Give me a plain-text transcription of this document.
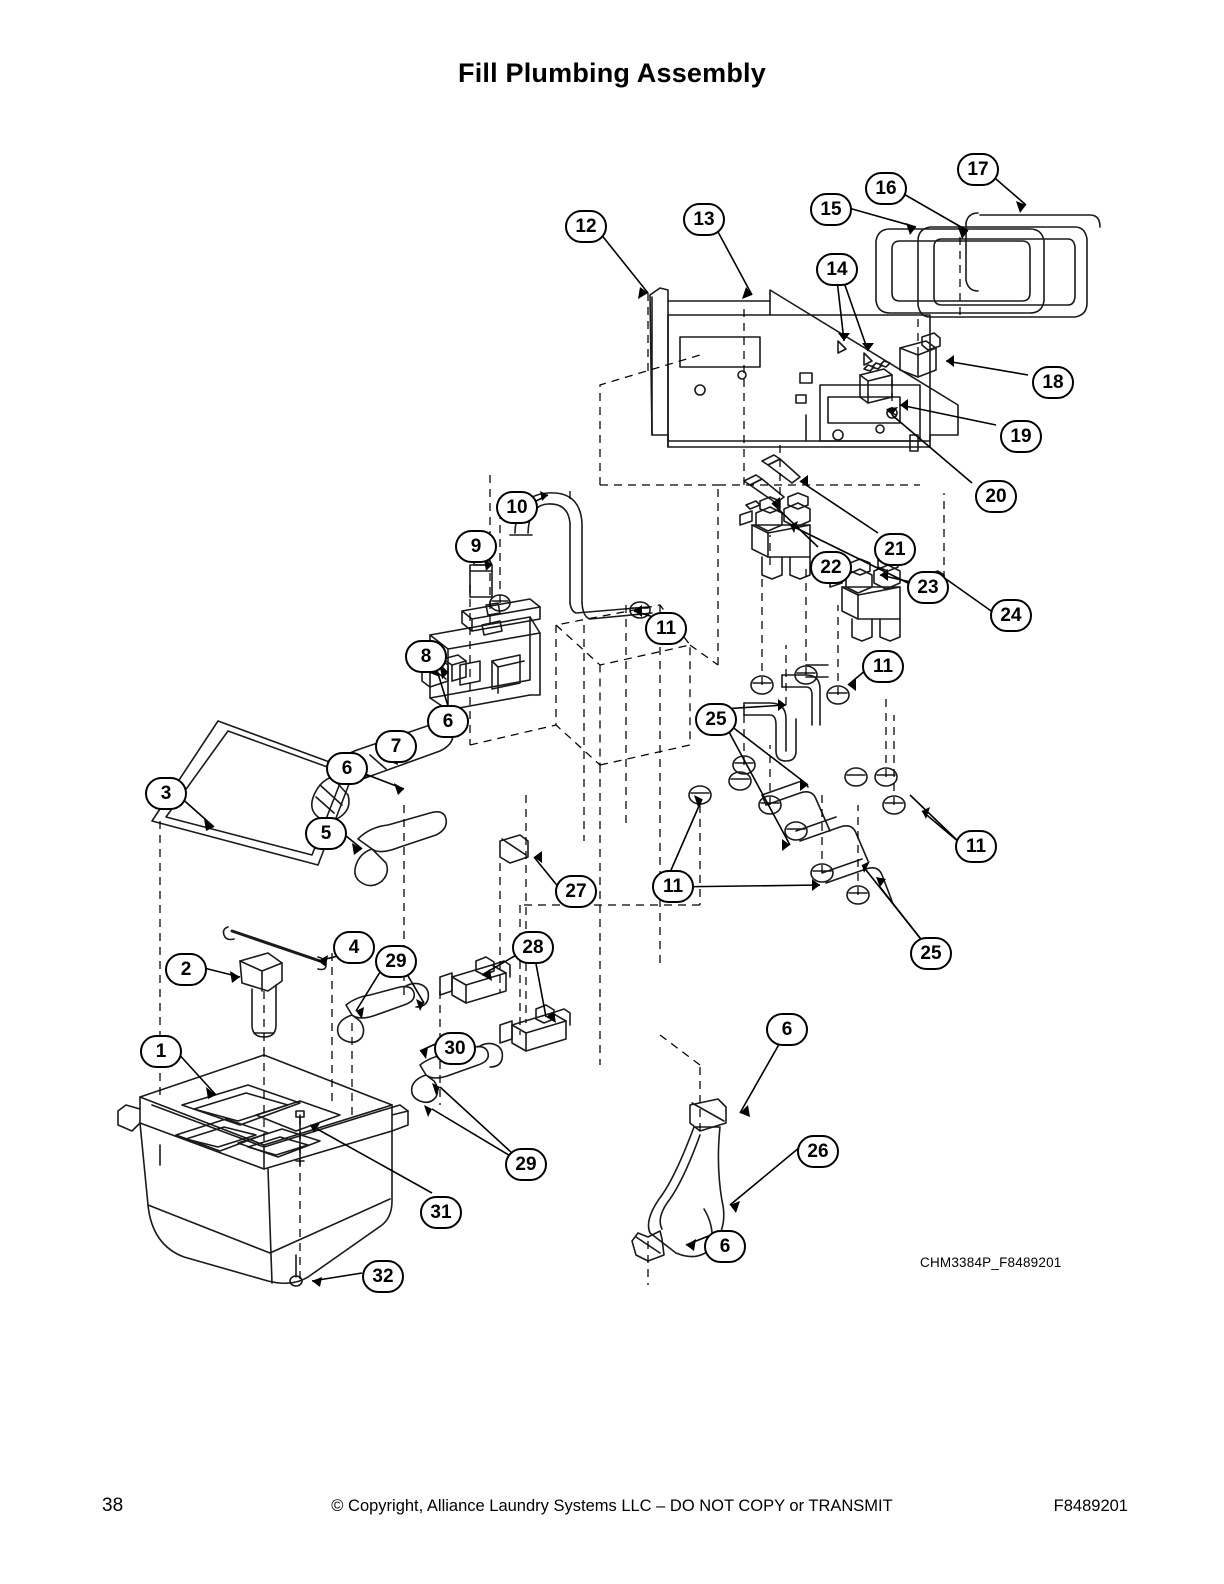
Fill Plumbing Assembly
1
2
3
4
5
6
6
6
6
7
8
9
10
11
11
11
11
12	13
14
15
16
17
18
19
20
21
22
23
24
25
25
26
27
28
29
29
30
31
32
CHM3384P_F8489201
38	© Copyright, Alliance Laundry Systems LLC – DO NOT COPY or TRANSMIT	F8489201
